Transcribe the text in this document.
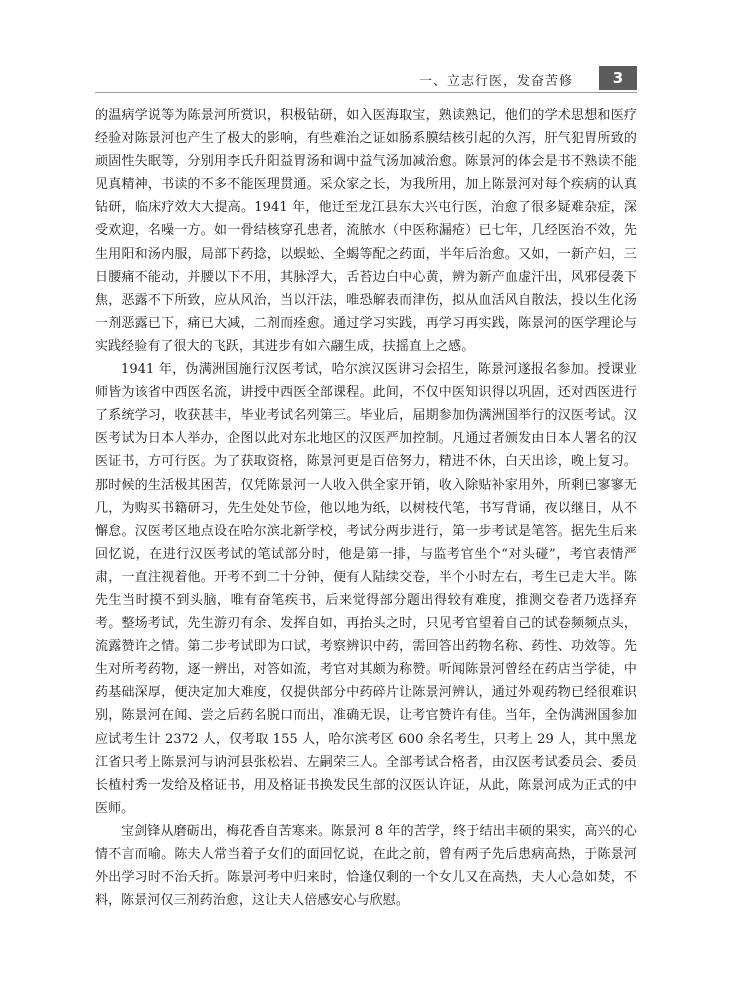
一、立志行医，发奋苦修	3

的温病学说等为陈景河所赏识，积极钻研，如入医海取宝，熟读熟记，他们的学术思想和医疗经验对陈景河也产生了极大的影响，有些难治之证如肠系膜结核引起的久泻，肝气犯胃所致的顽固性失眠等，分别用李氏升阳益胃汤和调中益气汤加减治愈。陈景河的体会是书不熟读不能见真精神，书读的不多不能医理贯通。采众家之长，为我所用，加上陈景河对每个疾病的认真钻研，临床疗效大大提高。1941 年，他迁至龙江县东大兴屯行医，治愈了很多疑难杂症，深受欢迎，名噪一方。如一骨结核穿孔患者，流脓水（中医称漏疮）已七年，几经医治不效，先生用阳和汤内服，局部下药捻，以蜈蚣、全蝎等配之药面，半年后治愈。又如，一新产妇，三日腰痛不能动，并腰以下不用，其脉浮大，舌苔边白中心黄，辨为新产血虚汗出，风邪侵袭下焦，恶露不下所致，应从风治，当以汗法，唯恐解表而津伤，拟从血活风自散法，投以生化汤一剂恶露已下，痛已大减，二剂而痊愈。通过学习实践，再学习再实践，陈景河的医学理论与实践经验有了很大的飞跃，其进步有如六翮生成，扶摇直上之感。

1941 年，伪满洲国施行汉医考试，哈尔滨汉医讲习会招生，陈景河遂报名参加。授课业师皆为该省中西医名流，讲授中西医全部课程。此间，不仅中医知识得以巩固，还对西医进行了系统学习，收获甚丰，毕业考试名列第三。毕业后，届期参加伪满洲国举行的汉医考试。汉医考试为日本人举办，企图以此对东北地区的汉医严加控制。凡通过者颁发由日本人署名的汉医证书，方可行医。为了获取资格，陈景河更是百倍努力，精进不休，白天出诊，晚上复习。那时候的生活极其困苦，仅凭陈景河一人收入供全家开销，收入除贴补家用外，所剩已寥寥无几，为购买书籍研习，先生处处节俭，他以地为纸，以树枝代笔，书写背诵，夜以继日，从不懈怠。汉医考区地点设在哈尔滨北新学校，考试分两步进行，第一步考试是笔答。据先生后来回忆说，在进行汉医考试的笔试部分时，他是第一排，与监考官坐个“对头碰”，考官表情严肃，一直注视着他。开考不到二十分钟，便有人陆续交卷，半个小时左右，考生已走大半。陈先生当时摸不到头脑，唯有奋笔疾书，后来觉得部分题出得较有难度，推测交卷者乃选择弃考。整场考试，先生游刃有余、发挥自如，再抬头之时，只见考官望着自己的试卷频频点头，流露赞许之情。第二步考试即为口试，考察辨识中药，需回答出药物名称、药性、功效等。先生对所考药物，逐一辨出，对答如流，考官对其颇为称赞。听闻陈景河曾经在药店当学徒，中药基础深厚，便决定加大难度，仅提供部分中药碎片让陈景河辨认，通过外观药物已经很难识别，陈景河在闻、尝之后药名脱口而出，准确无误，让考官赞许有佳。当年，全伪满洲国参加应试考生计 2372 人，仅考取 155 人，哈尔滨考区 600 余名考生，只考上 29 人，其中黑龙江省只考上陈景河与讷河县张松岩、左嗣荣三人。全部考试合格者，由汉医考试委员会、委员长植村秀一发给及格证书，用及格证书换发民生部的汉医认许证，从此，陈景河成为正式的中医师。

宝剑锋从磨砺出，梅花香自苦寒来。陈景河 8 年的苦学，终于结出丰硕的果实，高兴的心情不言而喻。陈夫人常当着子女们的面回忆说，在此之前，曾有两子先后患病高热，于陈景河外出学习时不治夭折。陈景河考中归来时，恰逢仅剩的一个女儿又在高热，夫人心急如焚，不料，陈景河仅三剂药治愈，这让夫人倍感安心与欣慰。
